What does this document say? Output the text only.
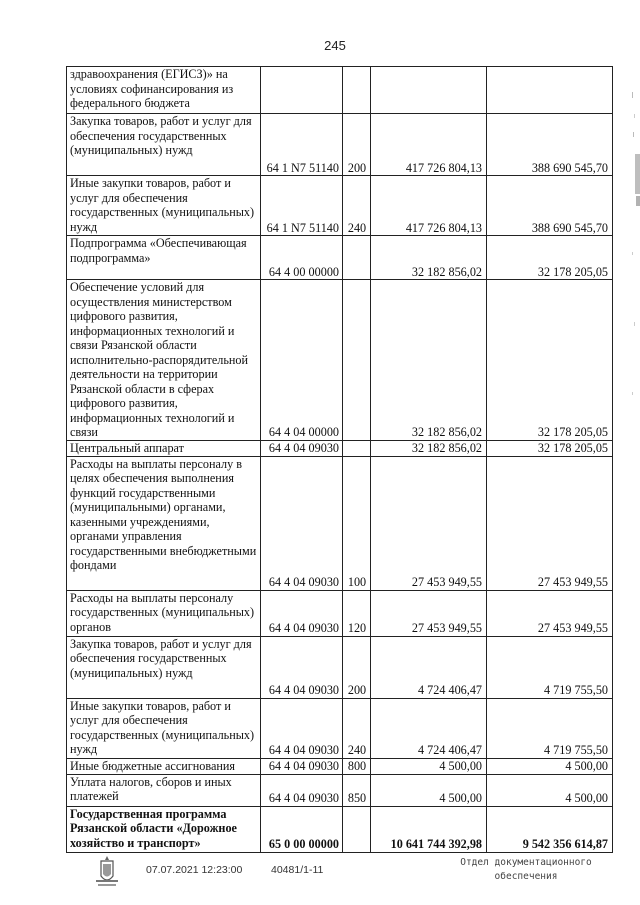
245
здравоохранения (ЕГИСЗ)» на условиях софинансирования из федерального бюджета				
Закупка товаров, работ и услуг для обеспечения государственных (муниципальных) нужд	64 1 N7 51140	200	417 726 804,13	388 690 545,70
Иные закупки товаров, работ и услуг для обеспечения государственных (муниципальных) нужд	64 1 N7 51140	240	417 726 804,13	388 690 545,70
Подпрограмма «Обеспечивающая подпрограмма»	64 4 00 00000		32 182 856,02	32 178 205,05
Обеспечение условий для осуществления министерством цифрового развития, информационных технологий и связи Рязанской области исполнительно-распорядительной деятельности на территории Рязанской области в сферах цифрового развития, информационных технологий и связи	64 4 04 00000		32 182 856,02	32 178 205,05
Центральный аппарат	64 4 04 09030		32 182 856,02	32 178 205,05
Расходы на выплаты персоналу в целях обеспечения выполнения функций государственными (муниципальными) органами, казенными учреждениями, органами управления государственными внебюджетными фондами	64 4 04 09030	100	27 453 949,55	27 453 949,55
Расходы на выплаты персоналу государственных (муниципальных) органов	64 4 04 09030	120	27 453 949,55	27 453 949,55
Закупка товаров, работ и услуг для обеспечения государственных (муниципальных) нужд	64 4 04 09030	200	4 724 406,47	4 719 755,50
Иные закупки товаров, работ и услуг для обеспечения государственных (муниципальных) нужд	64 4 04 09030	240	4 724 406,47	4 719 755,50
Иные бюджетные ассигнования	64 4 04 09030	800	4 500,00	4 500,00
Уплата налогов, сборов и иных платежей	64 4 04 09030	850	4 500,00	4 500,00
Государственная программа Рязанской области «Дорожное хозяйство и транспорт»	65 0 00 00000		10 641 744 392,98	9 542 356 614,87
07.07.2021 12:23:00	40481/1-11
Отдел документационного
обеспечения
